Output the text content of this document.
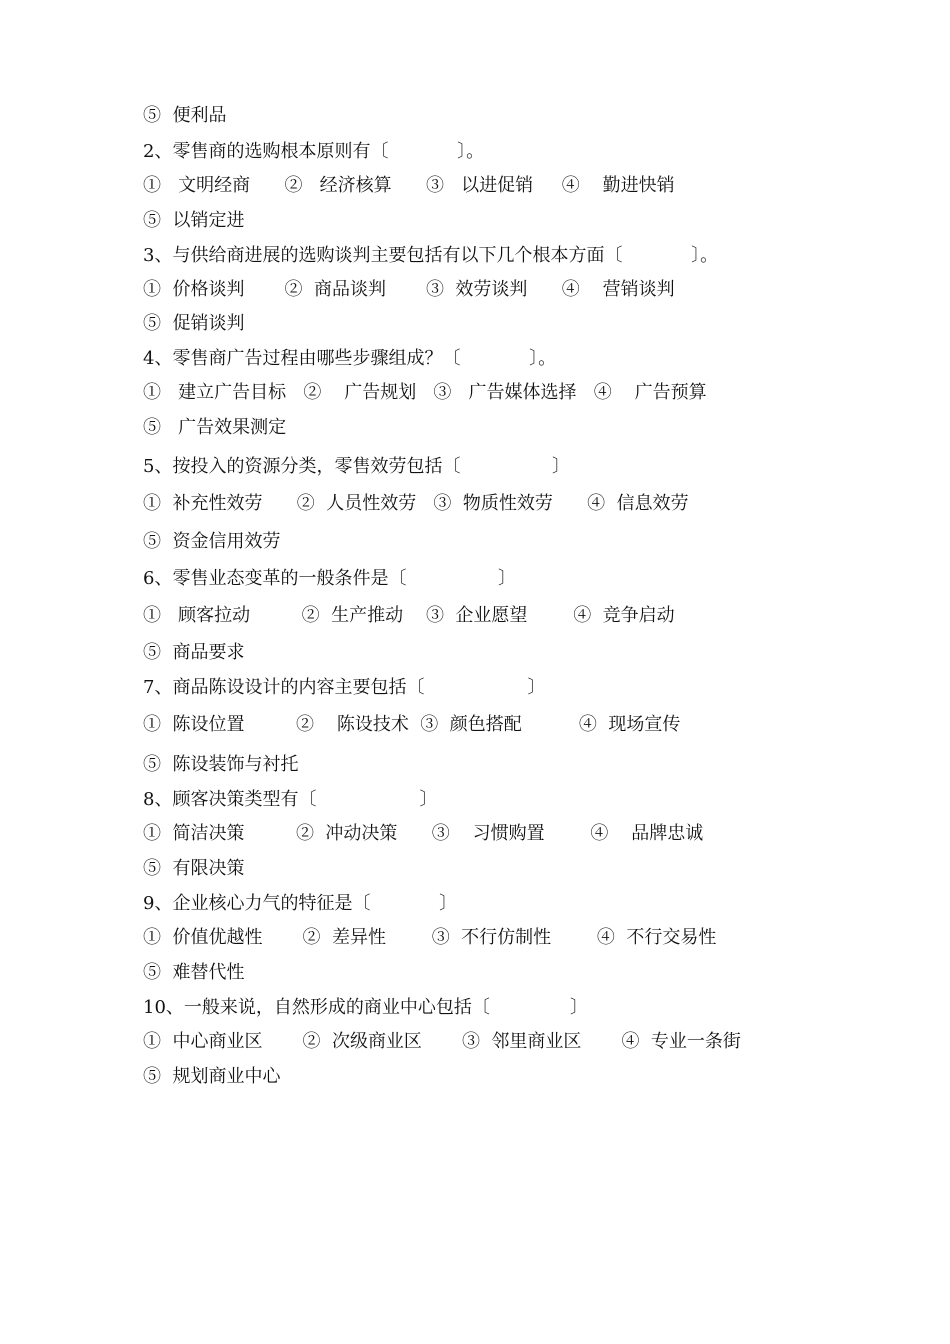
⑤  便利品
2、零售商的选购根本原则有〔            〕。
①   文明经商      ②   经济核算      ③   以进促销     ④    勤进快销
⑤  以销定进
3、与供给商进展的选购谈判主要包括有以下几个根本方面〔            〕。
①  价格谈判       ②  商品谈判       ③  效劳谈判      ④    营销谈判
⑤  促销谈判
4、零售商广告过程由哪些步骤组成？〔            〕。
①   建立广告目标   ②    广告规划   ③   广告媒体选择   ④    广告预算
⑤   广告效果测定
5、按投入的资源分类，零售效劳包括〔                〕
①  补充性效劳      ②  人员性效劳   ③  物质性效劳      ④  信息效劳
⑤  资金信用效劳
6、零售业态变革的一般条件是〔                〕
①   顾客拉动         ②  生产推动    ③  企业愿望        ④  竞争启动
⑤  商品要求
7、商品陈设设计的内容主要包括〔                  〕
①  陈设位置         ②    陈设技术  ③  颜色搭配          ④  现场宣传
⑤  陈设装饰与衬托
8、顾客决策类型有〔                  〕
①  简洁决策         ②  冲动决策      ③    习惯购置        ④    品牌忠诚
⑤  有限决策
9、企业核心力气的特征是〔            〕
①  价值优越性       ②  差异性        ③  不行仿制性        ④  不行交易性
⑤  难替代性
10、一般来说，自然形成的商业中心包括〔              〕
①  中心商业区       ②  次级商业区       ③  邻里商业区       ④  专业一条街
⑤  规划商业中心
